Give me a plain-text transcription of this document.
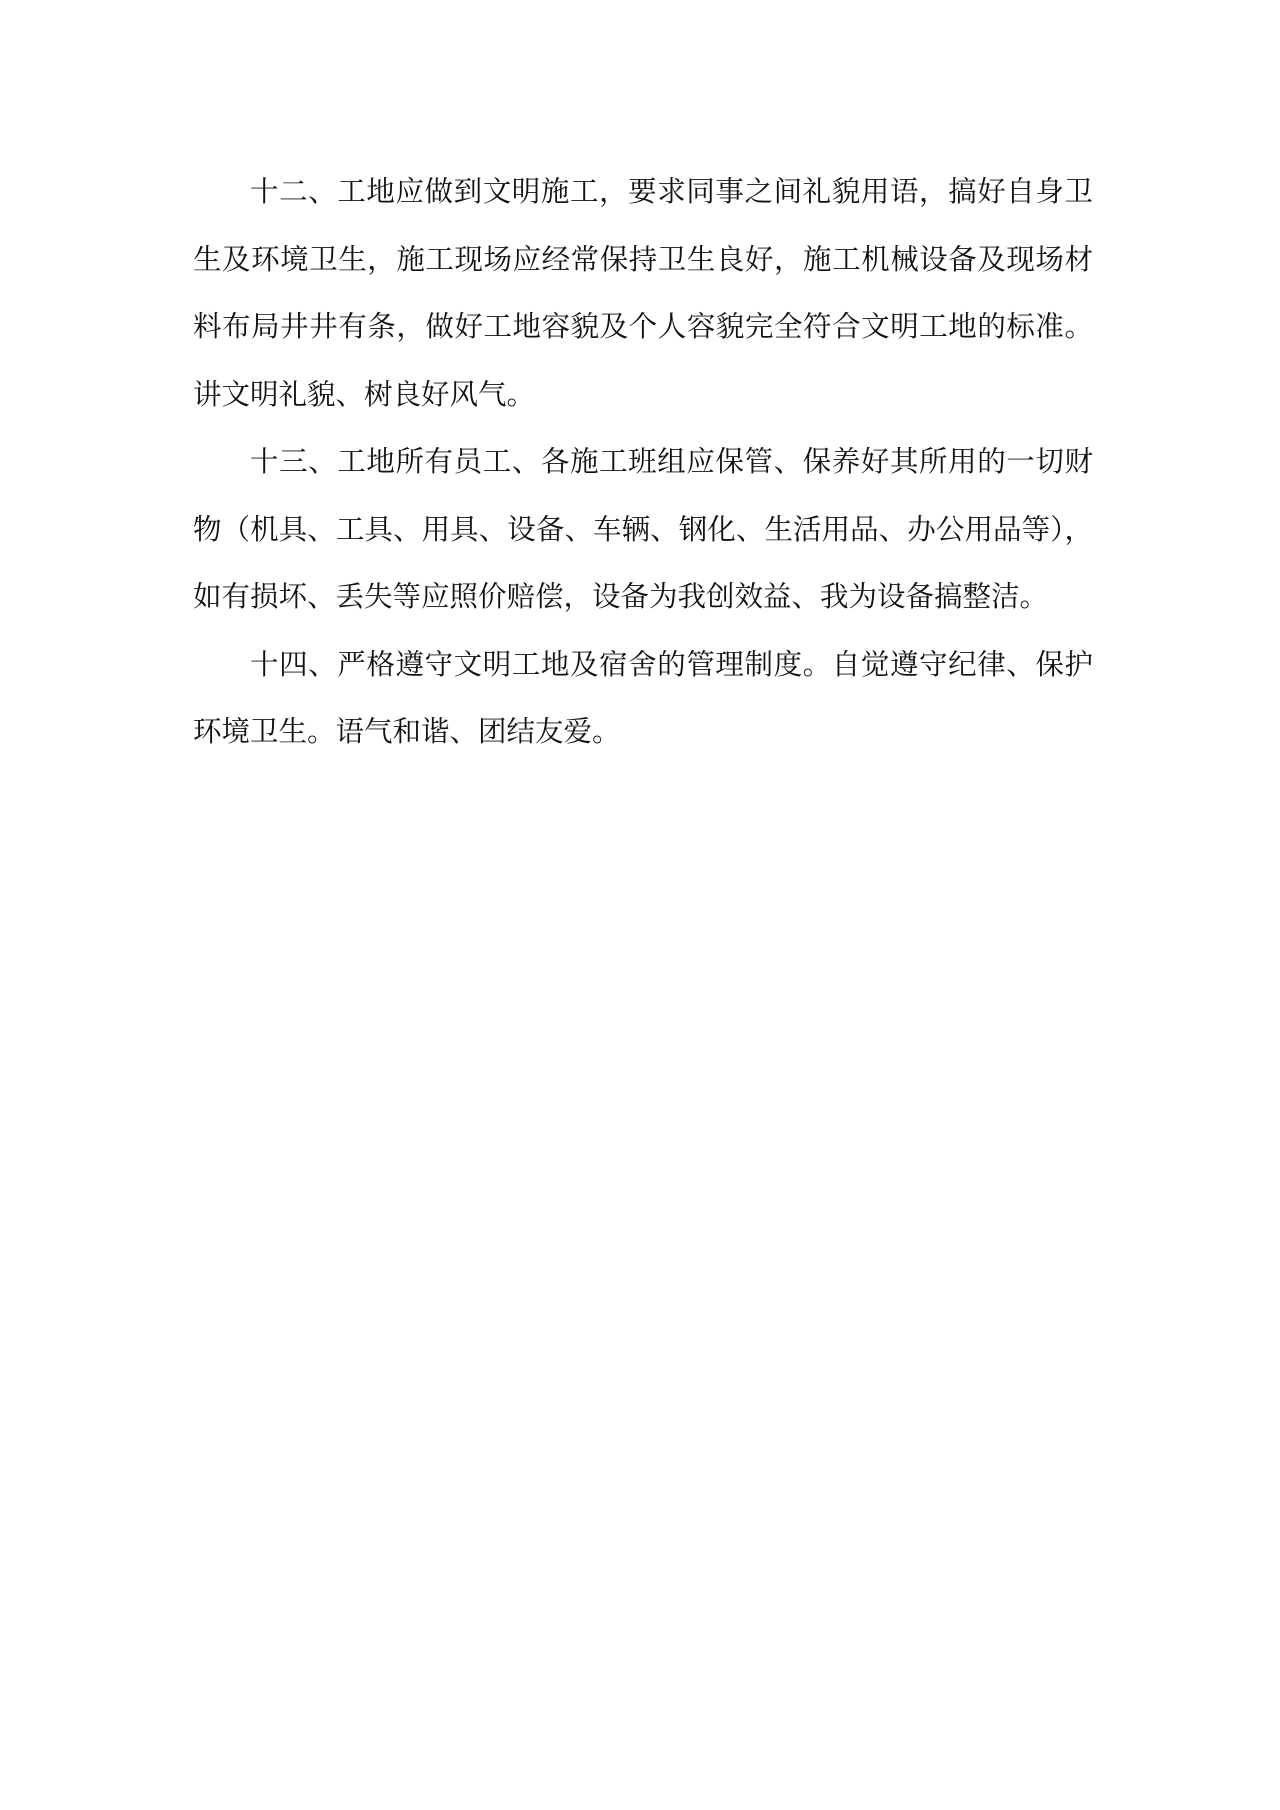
十二、工地应做到文明施工，要求同事之间礼貌用语，搞好自身卫生及环境卫生，施工现场应经常保持卫生良好，施工机械设备及现场材料布局井井有条，做好工地容貌及个人容貌完全符合文明工地的标准。讲文明礼貌、树良好风气。

十三、工地所有员工、各施工班组应保管、保养好其所用的一切财物（机具、工具、用具、设备、车辆、钢化、生活用品、办公用品等），如有损坏、丢失等应照价赔偿，设备为我创效益、我为设备搞整洁。

十四、严格遵守文明工地及宿舍的管理制度。自觉遵守纪律、保护环境卫生。语气和谐、团结友爱。
